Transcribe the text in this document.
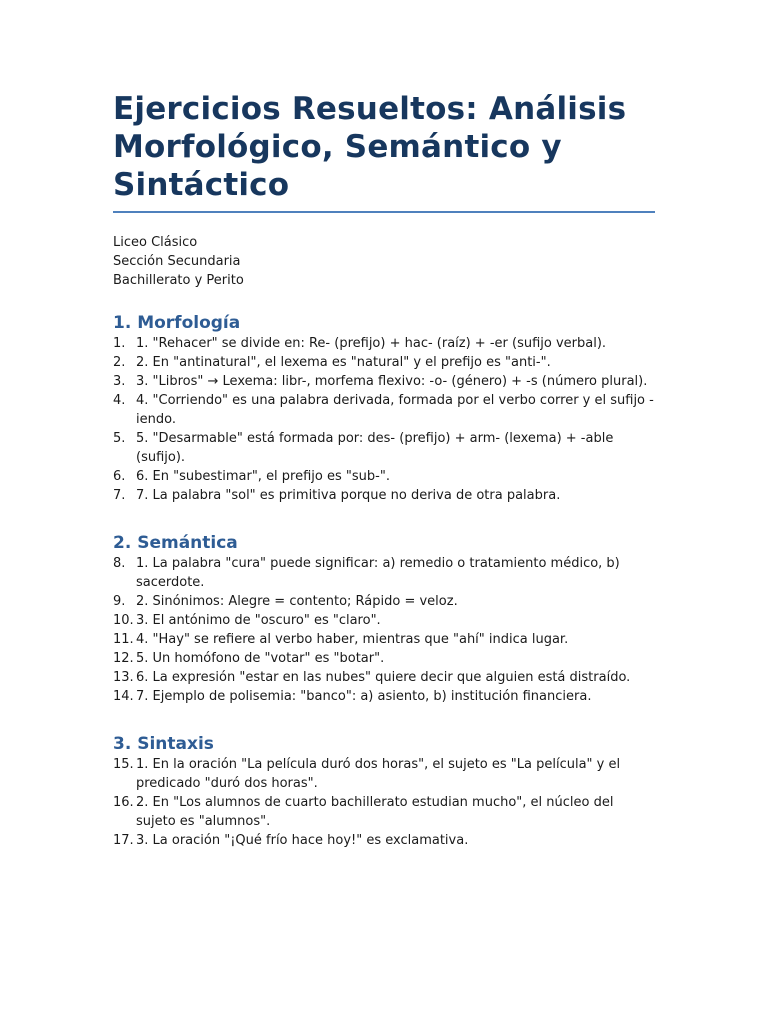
Ejercicios Resueltos: Análisis Morfológico, Semántico y Sintáctico
Liceo Clásico
Sección Secundaria
Bachillerato y Perito
1. Morfología
1. 1. "Rehacer" se divide en: Re- (prefijo) + hac- (raíz) + -er (sufijo verbal).
2. 2. En "antinatural", el lexema es "natural" y el prefijo es "anti-".
3. 3. "Libros" → Lexema: libr-, morfema flexivo: -o- (género) + -s (número plural).
4. 4. "Corriendo" es una palabra derivada, formada por el verbo correr y el sufijo -iendo.
5. 5. "Desarmable" está formada por: des- (prefijo) + arm- (lexema) + -able (sufijo).
6. 6. En "subestimar", el prefijo es "sub-".
7. 7. La palabra "sol" es primitiva porque no deriva de otra palabra.
2. Semántica
8. 1. La palabra "cura" puede significar: a) remedio o tratamiento médico, b) sacerdote.
9. 2. Sinónimos: Alegre = contento; Rápido = veloz.
10. 3. El antónimo de "oscuro" es "claro".
11. 4. "Hay" se refiere al verbo haber, mientras que "ahí" indica lugar.
12. 5. Un homófono de "votar" es "botar".
13. 6. La expresión "estar en las nubes" quiere decir que alguien está distraído.
14. 7. Ejemplo de polisemia: "banco": a) asiento, b) institución financiera.
3. Sintaxis
15. 1. En la oración "La película duró dos horas", el sujeto es "La película" y el predicado "duró dos horas".
16. 2. En "Los alumnos de cuarto bachillerato estudian mucho", el núcleo del sujeto es "alumnos".
17. 3. La oración "¡Qué frío hace hoy!" es exclamativa.
